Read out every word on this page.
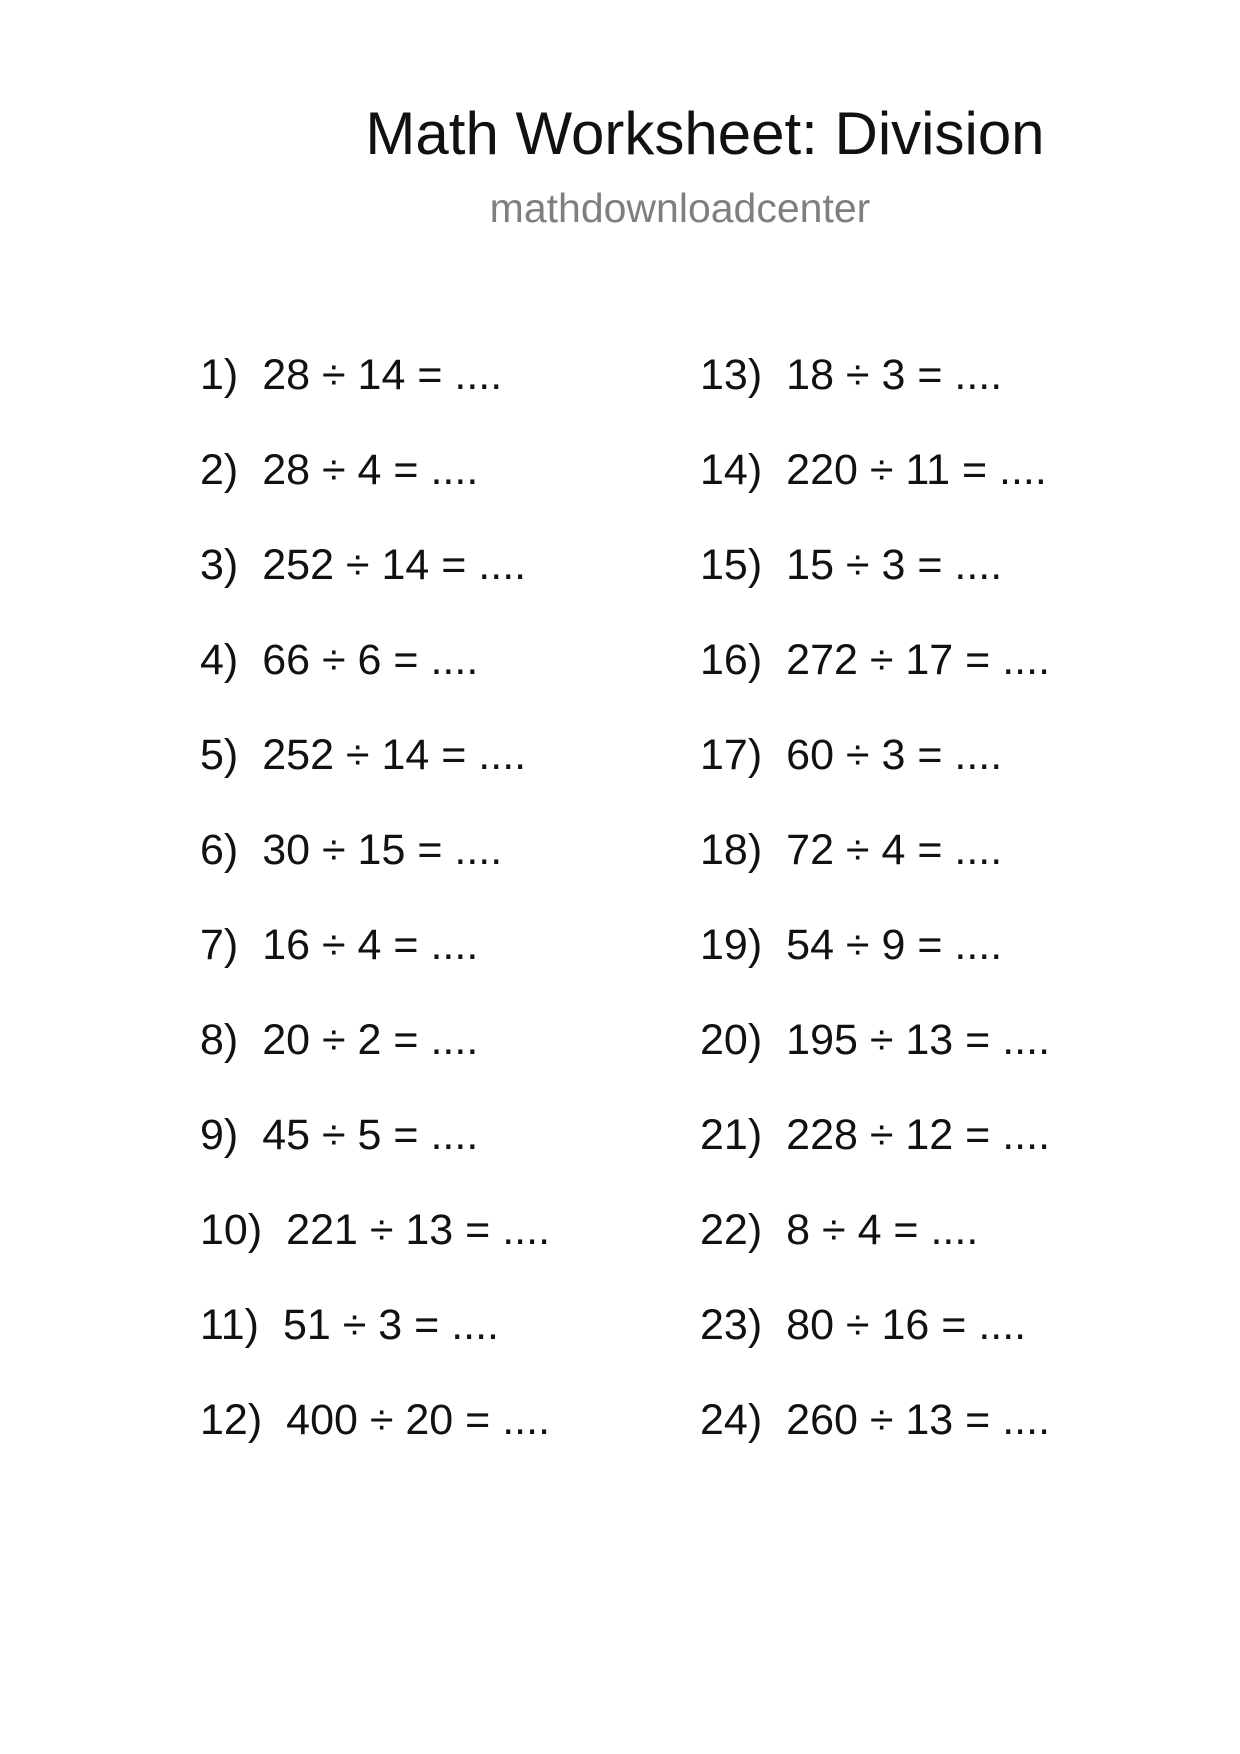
Math Worksheet: Division
mathdownloadcenter
1) 28 ÷ 14 = ....
2) 28 ÷ 4 = ....
3) 252 ÷ 14 = ....
4) 66 ÷ 6 = ....
5) 252 ÷ 14 = ....
6) 30 ÷ 15 = ....
7) 16 ÷ 4 = ....
8) 20 ÷ 2 = ....
9) 45 ÷ 5 = ....
10) 221 ÷ 13 = ....
11) 51 ÷ 3 = ....
12) 400 ÷ 20 = ....
13) 18 ÷ 3 = ....
14) 220 ÷ 11 = ....
15) 15 ÷ 3 = ....
16) 272 ÷ 17 = ....
17) 60 ÷ 3 = ....
18) 72 ÷ 4 = ....
19) 54 ÷ 9 = ....
20) 195 ÷ 13 = ....
21) 228 ÷ 12 = ....
22) 8 ÷ 4 = ....
23) 80 ÷ 16 = ....
24) 260 ÷ 13 = ....
